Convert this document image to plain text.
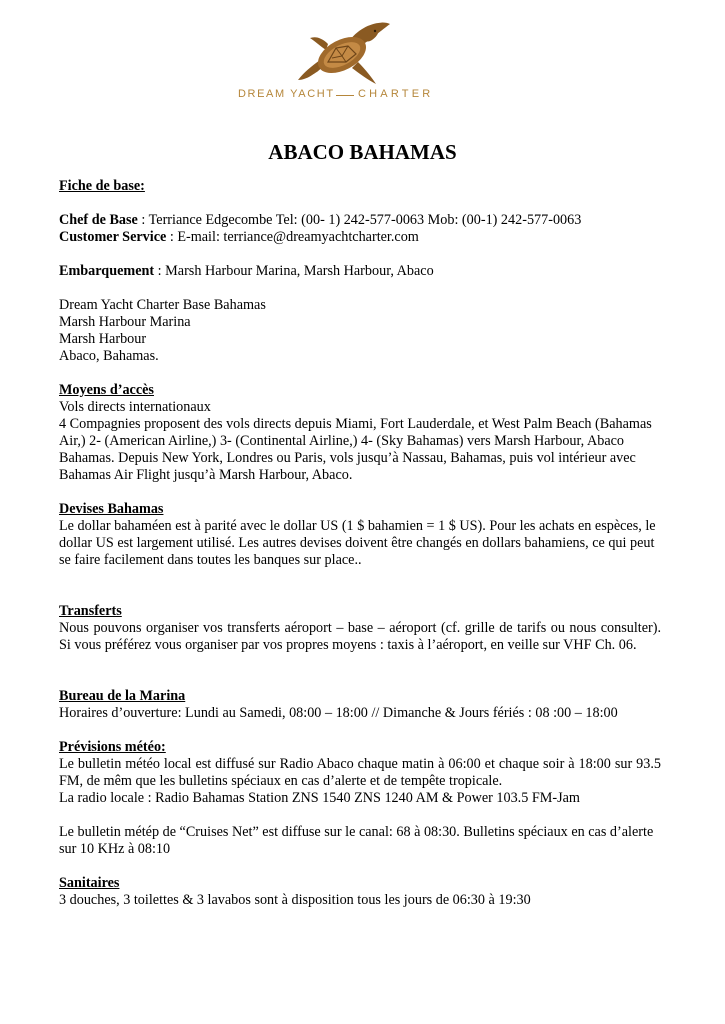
DREAM YACHT CHARTER
ABACO BAHAMAS

Fiche de base:

Chef de Base : Terriance Edgecombe Tel: (00- 1) 242-577-0063 Mob: (00-1) 242-577-0063

Customer Service : E-mail: terriance@dreamyachtcharter.com

Embarquement : Marsh Harbour Marina, Marsh Harbour, Abaco

Dream Yacht Charter Base Bahamas

Marsh Harbour Marina

Marsh Harbour

Abaco, Bahamas.

Moyens d’accès

Vols directs internationaux

4 Compagnies proposent des vols directs depuis Miami, Fort Lauderdale, et West Palm Beach (Bahamas Air,) 2- (American Airline,) 3- (Continental Airline,) 4- (Sky Bahamas) vers Marsh Harbour, Abaco Bahamas. Depuis New York, Londres ou Paris, vols jusqu’à Nassau, Bahamas, puis vol intérieur avec Bahamas Air Flight jusqu’à Marsh Harbour, Abaco.

Devises Bahamas

Le dollar bahaméen est à parité avec le dollar US (1 $ bahamien = 1 $ US). Pour les achats en espèces, le dollar US est largement utilisé. Les autres devises doivent être changés en dollars bahamiens, ce qui peut se faire facilement dans toutes les banques sur place..

Transferts

Nous pouvons organiser vos transferts aéroport – base – aéroport (cf. grille de tarifs ou nous consulter). Si vous préférez vous organiser par vos propres moyens : taxis à l’aéroport, en veille sur VHF Ch. 06.

Bureau de la Marina

Horaires d’ouverture: Lundi au Samedi, 08:00 – 18:00 // Dimanche & Jours fériés : 08 :00 – 18:00

Prévisions météo:

Le bulletin météo local est diffusé sur Radio Abaco chaque matin à 06:00 et chaque soir à 18:00 sur 93.5 FM, de mêm que les bulletins spéciaux en cas d’alerte et de tempête tropicale.

La radio locale : Radio Bahamas Station ZNS 1540 ZNS 1240 AM & Power 103.5 FM-Jam

Le bulletin métép de “Cruises Net” est diffuse sur le canal: 68 à 08:30. Bulletins spéciaux en cas d’alerte sur 10 KHz à 08:10

Sanitaires

3 douches, 3 toilettes & 3 lavabos sont à disposition tous les jours de 06:30 à 19:30
